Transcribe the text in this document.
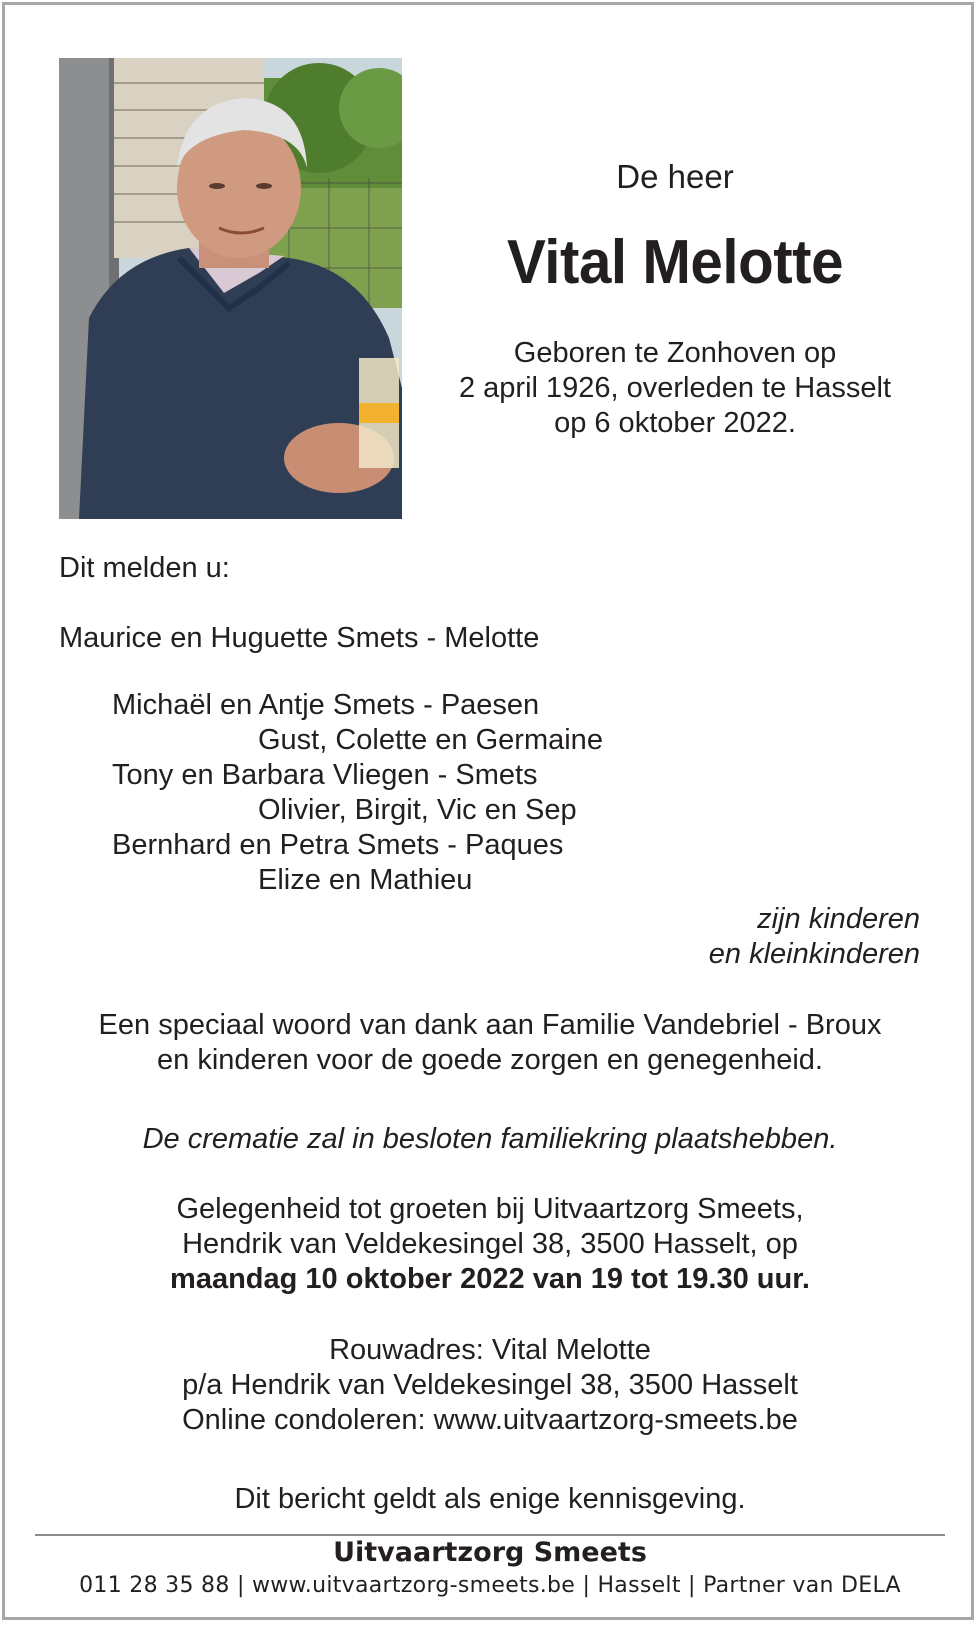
De heer
Vital Melotte
Geboren te Zonhoven op
2 april 1926, overleden te Hasselt
op 6 oktober 2022.
Dit melden u:
Maurice en Huguette Smets - Melotte
Michaël en Antje Smets - Paesen
Gust, Colette en Germaine
Tony en Barbara Vliegen - Smets
Olivier, Birgit, Vic en Sep
Bernhard en Petra Smets - Paques
Elize en Mathieu
zijn kinderen
en kleinkinderen
Een speciaal woord van dank aan Familie Vandebriel - Broux
en kinderen voor de goede zorgen en genegenheid.
De crematie zal in besloten familiekring plaatshebben.
Gelegenheid tot groeten bij Uitvaartzorg Smeets,
Hendrik van Veldekesingel 38, 3500 Hasselt, op
maandag 10 oktober 2022 van 19 tot 19.30 uur.
Rouwadres: Vital Melotte
p/a Hendrik van Veldekesingel 38, 3500 Hasselt
Online condoleren: www.uitvaartzorg-smeets.be
Dit bericht geldt als enige kennisgeving.
Uitvaartzorg Smeets
011 28 35 88 | www.uitvaartzorg-smeets.be | Hasselt | Partner van DELA
